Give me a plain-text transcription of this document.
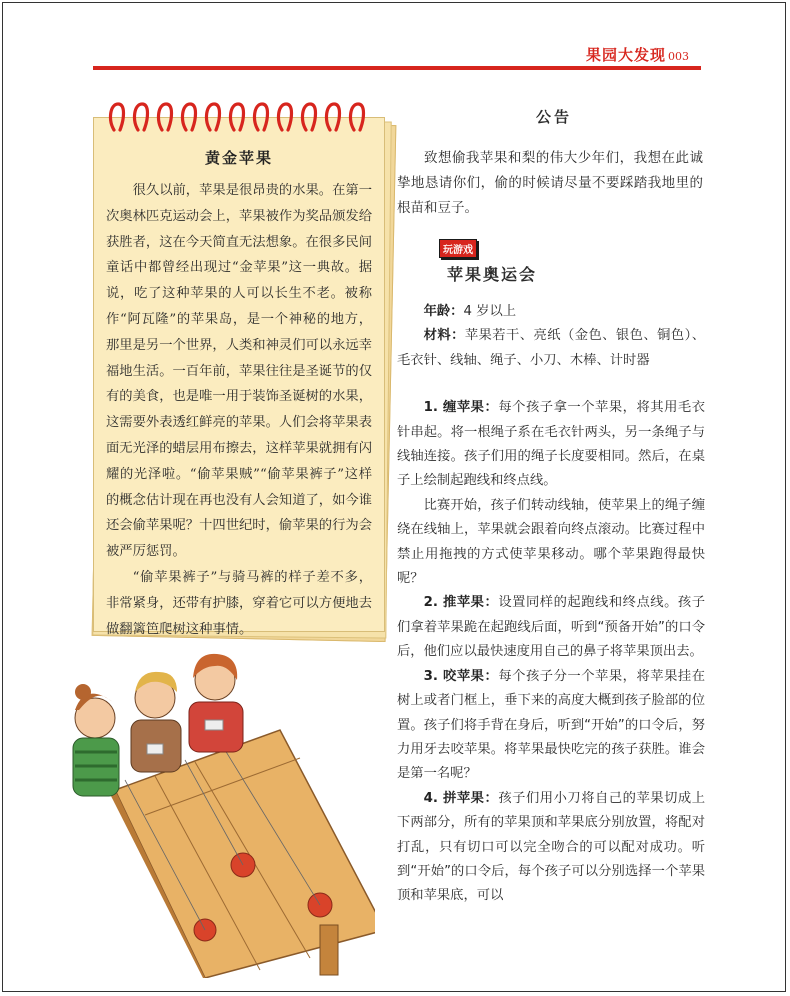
果园大发现 003
黄金苹果

很久以前，苹果是很昂贵的水果。在第一次奥林匹克运动会上，苹果被作为奖品颁发给获胜者，这在今天简直无法想象。在很多民间童话中都曾经出现过“金苹果”这一典故。据说，吃了这种苹果的人可以长生不老。被称作“阿瓦隆”的苹果岛，是一个神秘的地方，那里是另一个世界，人类和神灵们可以永远幸福地生活。一百年前，苹果往往是圣诞节的仅有的美食，也是唯一用于装饰圣诞树的水果，这需要外表透红鲜亮的苹果。人们会将苹果表面无光泽的蜡层用布擦去，这样苹果就拥有闪耀的光泽啦。“偷苹果贼”“偷苹果裤子”这样的概念估计现在再也没有人会知道了，如今谁还会偷苹果呢？十四世纪时，偷苹果的行为会被严厉惩罚。

“偷苹果裤子”与骑马裤的样子差不多，非常紧身，还带有护膝，穿着它可以方便地去做翻篱笆爬树这种事情。

公告

致想偷我苹果和梨的伟大少年们，我想在此诚挚地恳请你们，偷的时候请尽量不要踩踏我地里的根苗和豆子。

玩游戏
苹果奥运会

年龄：4 岁以上

材料：苹果若干、亮纸（金色、银色、铜色）、毛衣针、线轴、绳子、小刀、木棒、计时器

1. 缠苹果：每个孩子拿一个苹果，将其用毛衣针串起。将一根绳子系在毛衣针两头，另一条绳子与线轴连接。孩子们用的绳子长度要相同。然后，在桌子上绘制起跑线和终点线。

比赛开始，孩子们转动线轴，使苹果上的绳子缠绕在线轴上，苹果就会跟着向终点滚动。比赛过程中禁止用拖拽的方式使苹果移动。哪个苹果跑得最快呢？

2. 推苹果：设置同样的起跑线和终点线。孩子们拿着苹果跪在起跑线后面，听到“预备开始”的口令后，他们应以最快速度用自己的鼻子将苹果顶出去。

3. 咬苹果：每个孩子分一个苹果，将苹果挂在树上或者门框上，垂下来的高度大概到孩子脸部的位置。孩子们将手背在身后，听到“开始”的口令后，努力用牙去咬苹果。将苹果最快吃完的孩子获胜。谁会是第一名呢？

4. 拼苹果：孩子们用小刀将自己的苹果切成上下两部分，所有的苹果顶和苹果底分别放置，将配对打乱，只有切口可以完全吻合的可以配对成功。听到“开始”的口令后，每个孩子可以分别选择一个苹果顶和苹果底，可以
